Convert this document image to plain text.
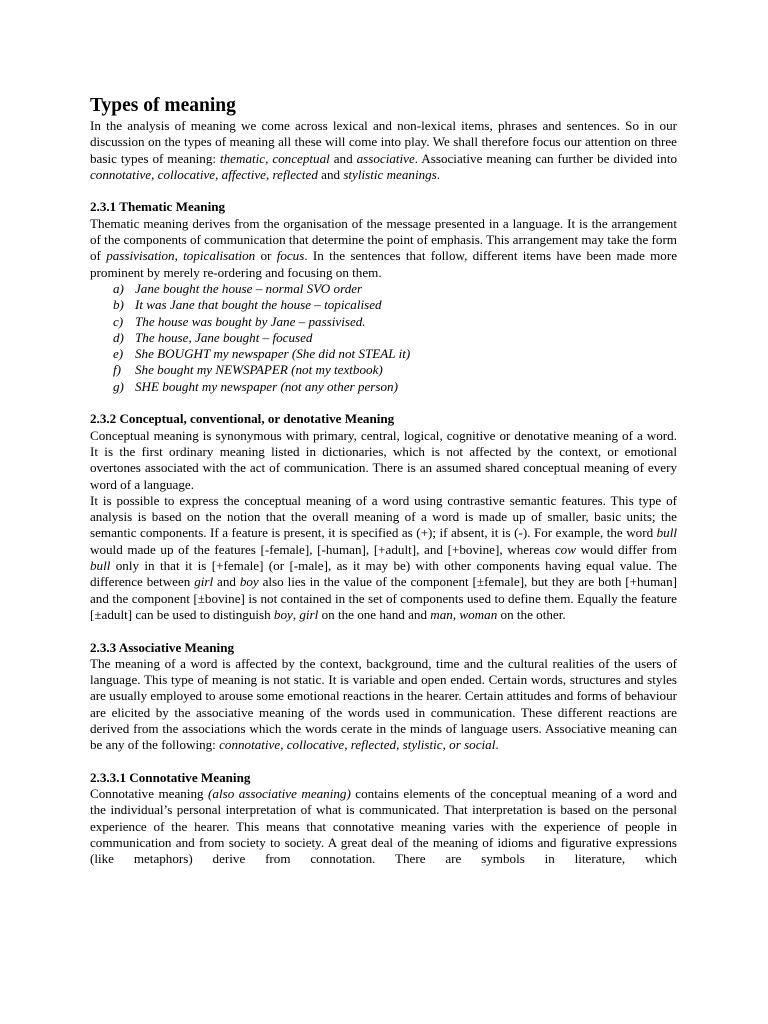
Types of meaning

In the analysis of meaning we come across lexical and non-lexical items, phrases and sentences. So in our discussion on the types of meaning all these will come into play. We shall therefore focus our attention on three basic types of meaning: thematic, conceptual and associative. Associative meaning can further be divided into connotative, collocative, affective, reflected and stylistic meanings.

2.3.1 Thematic Meaning

Thematic meaning derives from the organisation of the message presented in a language. It is the arrangement of the components of communication that determine the point of emphasis. This arrangement may take the form of passivisation, topicalisation or focus. In the sentences that follow, different items have been made more prominent by merely re-ordering and focusing on them.

a) Jane bought the house – normal SVO order
b) It was Jane that bought the house – topicalised
c) The house was bought by Jane – passivised.
d) The house, Jane bought – focused
e) She BOUGHT my newspaper (She did not STEAL it)
f) She bought my NEWSPAPER (not my textbook)
g) SHE bought my newspaper (not any other person)
2.3.2 Conceptual, conventional, or denotative Meaning

Conceptual meaning is synonymous with primary, central, logical, cognitive or denotative meaning of a word. It is the first ordinary meaning listed in dictionaries, which is not affected by the context, or emotional overtones associated with the act of communication. There is an assumed shared conceptual meaning of every word of a language.

It is possible to express the conceptual meaning of a word using contrastive semantic features. This type of analysis is based on the notion that the overall meaning of a word is made up of smaller, basic units; the semantic components. If a feature is present, it is specified as (+); if absent, it is (-). For example, the word bull would made up of the features [-female], [-human], [+adult], and [+bovine], whereas cow would differ from bull only in that it is [+female] (or [-male], as it may be) with other components having equal value. The difference between girl and boy also lies in the value of the component [±female], but they are both [+human] and the component [±bovine] is not contained in the set of components used to define them. Equally the feature [±adult] can be used to distinguish boy, girl on the one hand and man, woman on the other.

2.3.3 Associative Meaning

The meaning of a word is affected by the context, background, time and the cultural realities of the users of language. This type of meaning is not static. It is variable and open ended. Certain words, structures and styles are usually employed to arouse some emotional reactions in the hearer. Certain attitudes and forms of behaviour are elicited by the associative meaning of the words used in communication. These different reactions are derived from the associations which the words cerate in the minds of language users. Associative meaning can be any of the following: connotative, collocative, reflected, stylistic, or social.

2.3.3.1 Connotative Meaning

Connotative meaning (also associative meaning) contains elements of the conceptual meaning of a word and the individual’s personal interpretation of what is communicated. That interpretation is based on the personal experience of the hearer. This means that connotative meaning varies with the experience of people in communication and from society to society. A great deal of the meaning of idioms and figurative expressions (like metaphors) derive from connotation. There are symbols in literature, which
